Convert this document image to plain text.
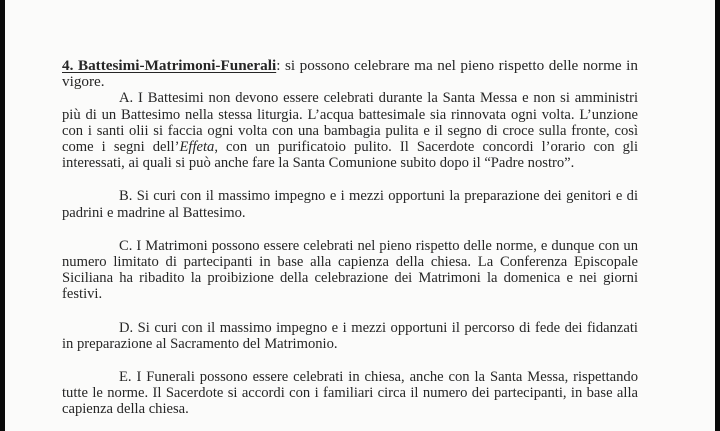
4. Battesimi-Matrimoni-Funerali: si possono celebrare ma nel pieno rispetto delle norme in vigore.

A. I Battesimi non devono essere celebrati durante la Santa Messa e non si amministri più di un Battesimo nella stessa liturgia. L’acqua battesimale sia rinnovata ogni volta. L’unzione con i santi olii si faccia ogni volta con una bambagia pulita e il segno di croce sulla fronte, così come i segni dell’Effeta, con un purificatoio pulito. Il Sacerdote concordi l’orario con gli interessati, ai quali si può anche fare la Santa Comunione subito dopo il “Padre nostro”.

B. Si curi con il massimo impegno e i mezzi opportuni la preparazione dei genitori e di padrini e madrine al Battesimo.

C. I Matrimoni possono essere celebrati nel pieno rispetto delle norme, e dunque con un numero limitato di partecipanti in base alla capienza della chiesa. La Conferenza Episcopale Siciliana ha ribadito la proibizione della celebrazione dei Matrimoni la domenica e nei giorni festivi.

D. Si curi con il massimo impegno e i mezzi opportuni il percorso di fede dei fidanzati in preparazione al Sacramento del Matrimonio.

E. I Funerali possono essere celebrati in chiesa, anche con la Santa Messa, rispettando tutte le norme. Il Sacerdote si accordi con i familiari circa il numero dei partecipanti, in base alla capienza della chiesa.
